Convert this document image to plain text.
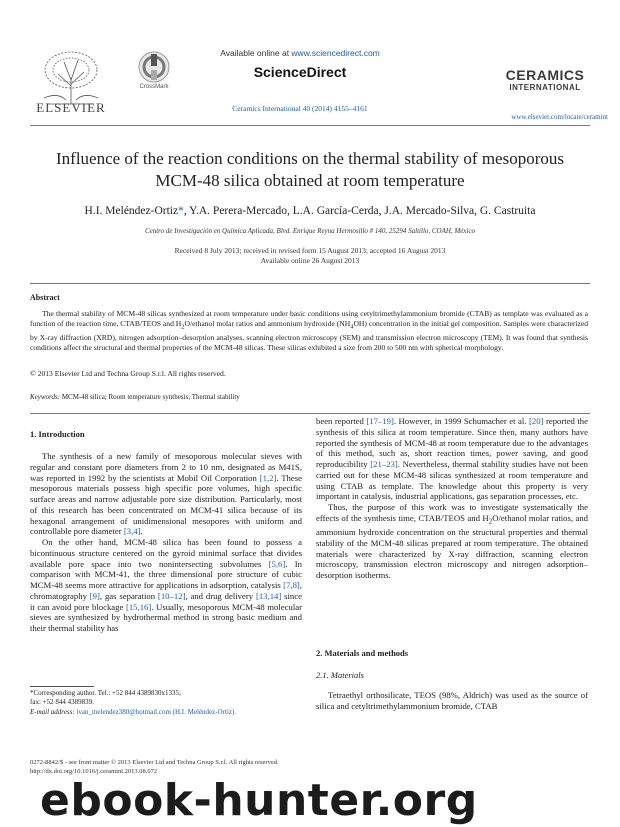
ELSEVIER
CrossMark
Available online at www.sciencedirect.com
ScienceDirect
Ceramics International 40 (2014) 4155–4161
CERAMICS
INTERNATIONAL
www.elsevier.com/locate/ceramint
Influence of the reaction conditions on the thermal stability of mesoporous MCM-48 silica obtained at room temperature
H.I. Meléndez-Ortiz*, Y.A. Perera-Mercado, L.A. García-Cerda, J.A. Mercado-Silva, G. Castruita
Centro de Investigación en Química Aplicada, Blvd. Enrique Reyna Hermosillo # 140, 25294 Saltillo, COAH, México
Received 8 July 2013; received in revised form 15 August 2013; accepted 16 August 2013
Available online 26 August 2013
Abstract
The thermal stability of MCM-48 silicas synthesized at room temperature under basic conditions using cetyltrimethylammonium bromide (CTAB) as template was evaluated as a function of the reaction time, CTAB/TEOS and $H_2O$/ethanol molar ratios and ammonium hydroxide $(NH_4OH)$ concentration in the initial gel composition. Samples were characterized by X-ray diffraction (XRD), nitrogen adsorption–desorption analyses, scanning electron microscopy (SEM) and transmission electron microscopy (TEM). It was found that synthesis conditions affect the structural and thermal properties of the MCM-48 silicas. These silicas exhibited a size from 200 to 500 nm with spherical morphology.
© 2013 Elsevier Ltd and Techna Group S.r.l. All rights reserved.
Keywords: MCM-48 silica; Room temperature synthesis; Thermal stability
1. Introduction

The synthesis of a new family of mesoporous molecular sieves with regular and constant pore diameters from 2 to 10 nm, designated as M41S, was reported in 1992 by the scientists at Mobil Oil Corporation [1,2]. These mesoporous materials possess high specific pore volumes, high specific surface areas and narrow adjustable pore size distribution. Particularly, most of this research has been concentrated on MCM-41 silica because of its hexagonal arrangement of unidimensional mesopores with uniform and controllable pore diameter [3,4].

On the other hand, MCM-48 silica has been found to possess a bicontinuous structure centered on the gyroid minimal surface that divides available pore space into two nonintersecting subvolumes [5,6]. In comparison with MCM-41, the three dimensional pore structure of cubic MCM-48 seems more attractive for applications in adsorption, catalysis [7,8], chromatography [9], gas separation [10–12], and drug delivery [13,14] since it can avoid pore blockage [15,16]. Usually, mesoporous MCM-48 molecular sieves are synthesized by hydrothermal method in strong basic medium and their thermal stability has

been reported [17–19]. However, in 1999 Schumacher et al. [20] reported the synthesis of this silica at room temperature. Since then, many authors have reported the synthesis of MCM-48 at room temperature due to the advantages of this method, such as, short reaction times, power saving, and good reproducibility [21–23]. Nevertheless, thermal stability studies have not been carried out for these MCM-48 silicas synthesized at room temperature and using CTAB as template. The knowledge about this property is very important in catalysis, industrial applications, gas separation processes, etc.

Thus, the purpose of this work was to investigate systematically the effects of the synthesis time, CTAB/TEOS and $H_2O$/ethanol molar ratios, and ammonium hydroxide concentration on the structural properties and thermal stability of the MCM-48 silicas prepared at room temperature. The obtained materials were characterized by X-ray diffraction, scanning electron microscopy, transmission electron microscopy and nitrogen adsorption–desorption isotherms.

2. Materials and methods
2.1. Materials

Tetraethyl orthosilicate, TEOS (98%, Aldrich) was used as the source of silica and cetyltrimethylammonium bromide, CTAB

*Corresponding author. Tel.: +52 844 4389830x1335;
fax: +52 844 4389839.
E-mail address: ivan_melendez380@hotmail.com (H.I. Meléndez-Ortiz).
0272-8842/$ - see front matter © 2013 Elsevier Ltd and Techna Group S.r.l. All rights reserved.
http://dx.doi.org/10.1016/j.ceramint.2013.08.072
ebook-hunter.org
